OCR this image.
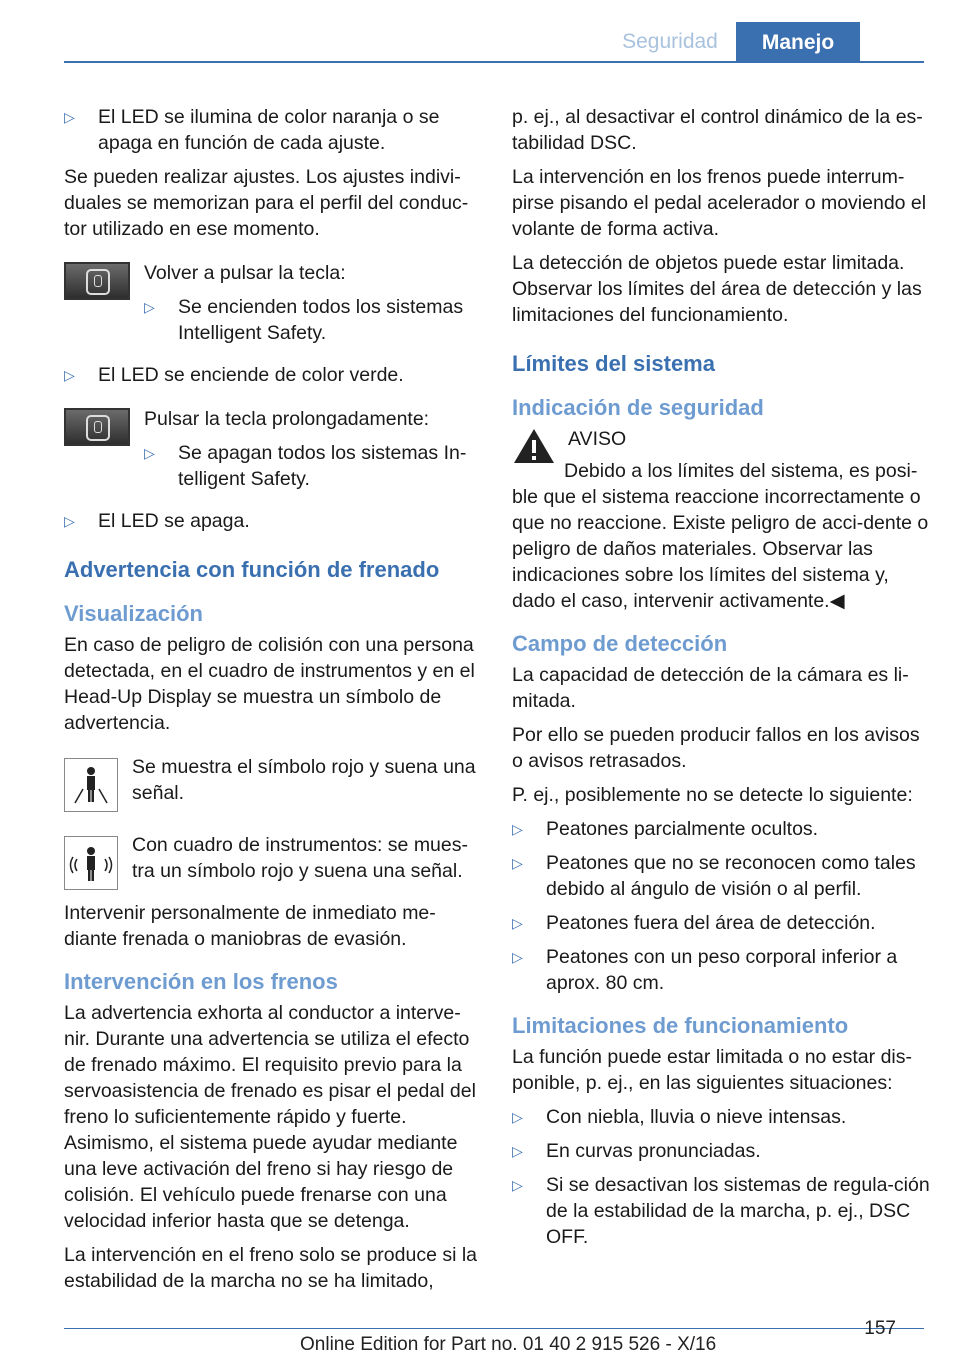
Seguridad	Manejo
▷ El LED se ilumina de color naranja o se apaga en función de cada ajuste.

Se pueden realizar ajustes. Los ajustes indivi-duales se memorizan para el perfil del conduc-tor utilizado en ese momento.

Volver a pulsar la tecla:

▷ Se encienden todos los sistemas Intelligent Safety.
▷ El LED se enciende de color verde.

Pulsar la tecla prolongadamente:

▷ Se apagan todos los sistemas In-telligent Safety.
▷ El LED se apaga.
Advertencia con función de frenado
Visualización

En caso de peligro de colisión con una persona detectada, en el cuadro de instrumentos y en el Head-Up Display se muestra un símbolo de advertencia.

Se muestra el símbolo rojo y suena una señal.

Con cuadro de instrumentos: se mues-tra un símbolo rojo y suena una señal.

Intervenir personalmente de inmediato me-diante frenada o maniobras de evasión.

Intervención en los frenos

La advertencia exhorta al conductor a interve-nir. Durante una advertencia se utiliza el efecto de frenado máximo. El requisito previo para la servoasistencia de frenado es pisar el pedal del freno lo suficientemente rápido y fuerte. Asimismo, el sistema puede ayudar mediante una leve activación del freno si hay riesgo de colisión. El vehículo puede frenarse con una velocidad inferior hasta que se detenga.

La intervención en el freno solo se produce si la estabilidad de la marcha no se ha limitado,

p. ej., al desactivar el control dinámico de la es-tabilidad DSC.

La intervención en los frenos puede interrum-pirse pisando el pedal acelerador o moviendo el volante de forma activa.

La detección de objetos puede estar limitada. Observar los límites del área de detección y las limitaciones del funcionamiento.

Límites del sistema
Indicación de seguridad

AVISO

Debido a los límites del sistema, es posi-ble que el sistema reaccione incorrectamente o que no reaccione. Existe peligro de acci-dente o peligro de daños materiales. Observar las indicaciones sobre los límites del sistema y, dado el caso, intervenir activamente.◀

Campo de detección

La capacidad de detección de la cámara es li-mitada.

Por ello se pueden producir fallos en los avisos o avisos retrasados.

P. ej., posiblemente no se detecte lo siguiente:

▷ Peatones parcialmente ocultos.
▷ Peatones que no se reconocen como tales debido al ángulo de visión o al perfil.
▷ Peatones fuera del área de detección.
▷ Peatones con un peso corporal inferior a aprox. 80 cm.
Limitaciones de funcionamiento

La función puede estar limitada o no estar dis-ponible, p. ej., en las siguientes situaciones:

▷ Con niebla, lluvia o nieve intensas.
▷ En curvas pronunciadas.
▷ Si se desactivan los sistemas de regula-ción de la estabilidad de la marcha, p. ej., DSC OFF.
157
Online Edition for Part no. 01 40 2 915 526 - X/16
